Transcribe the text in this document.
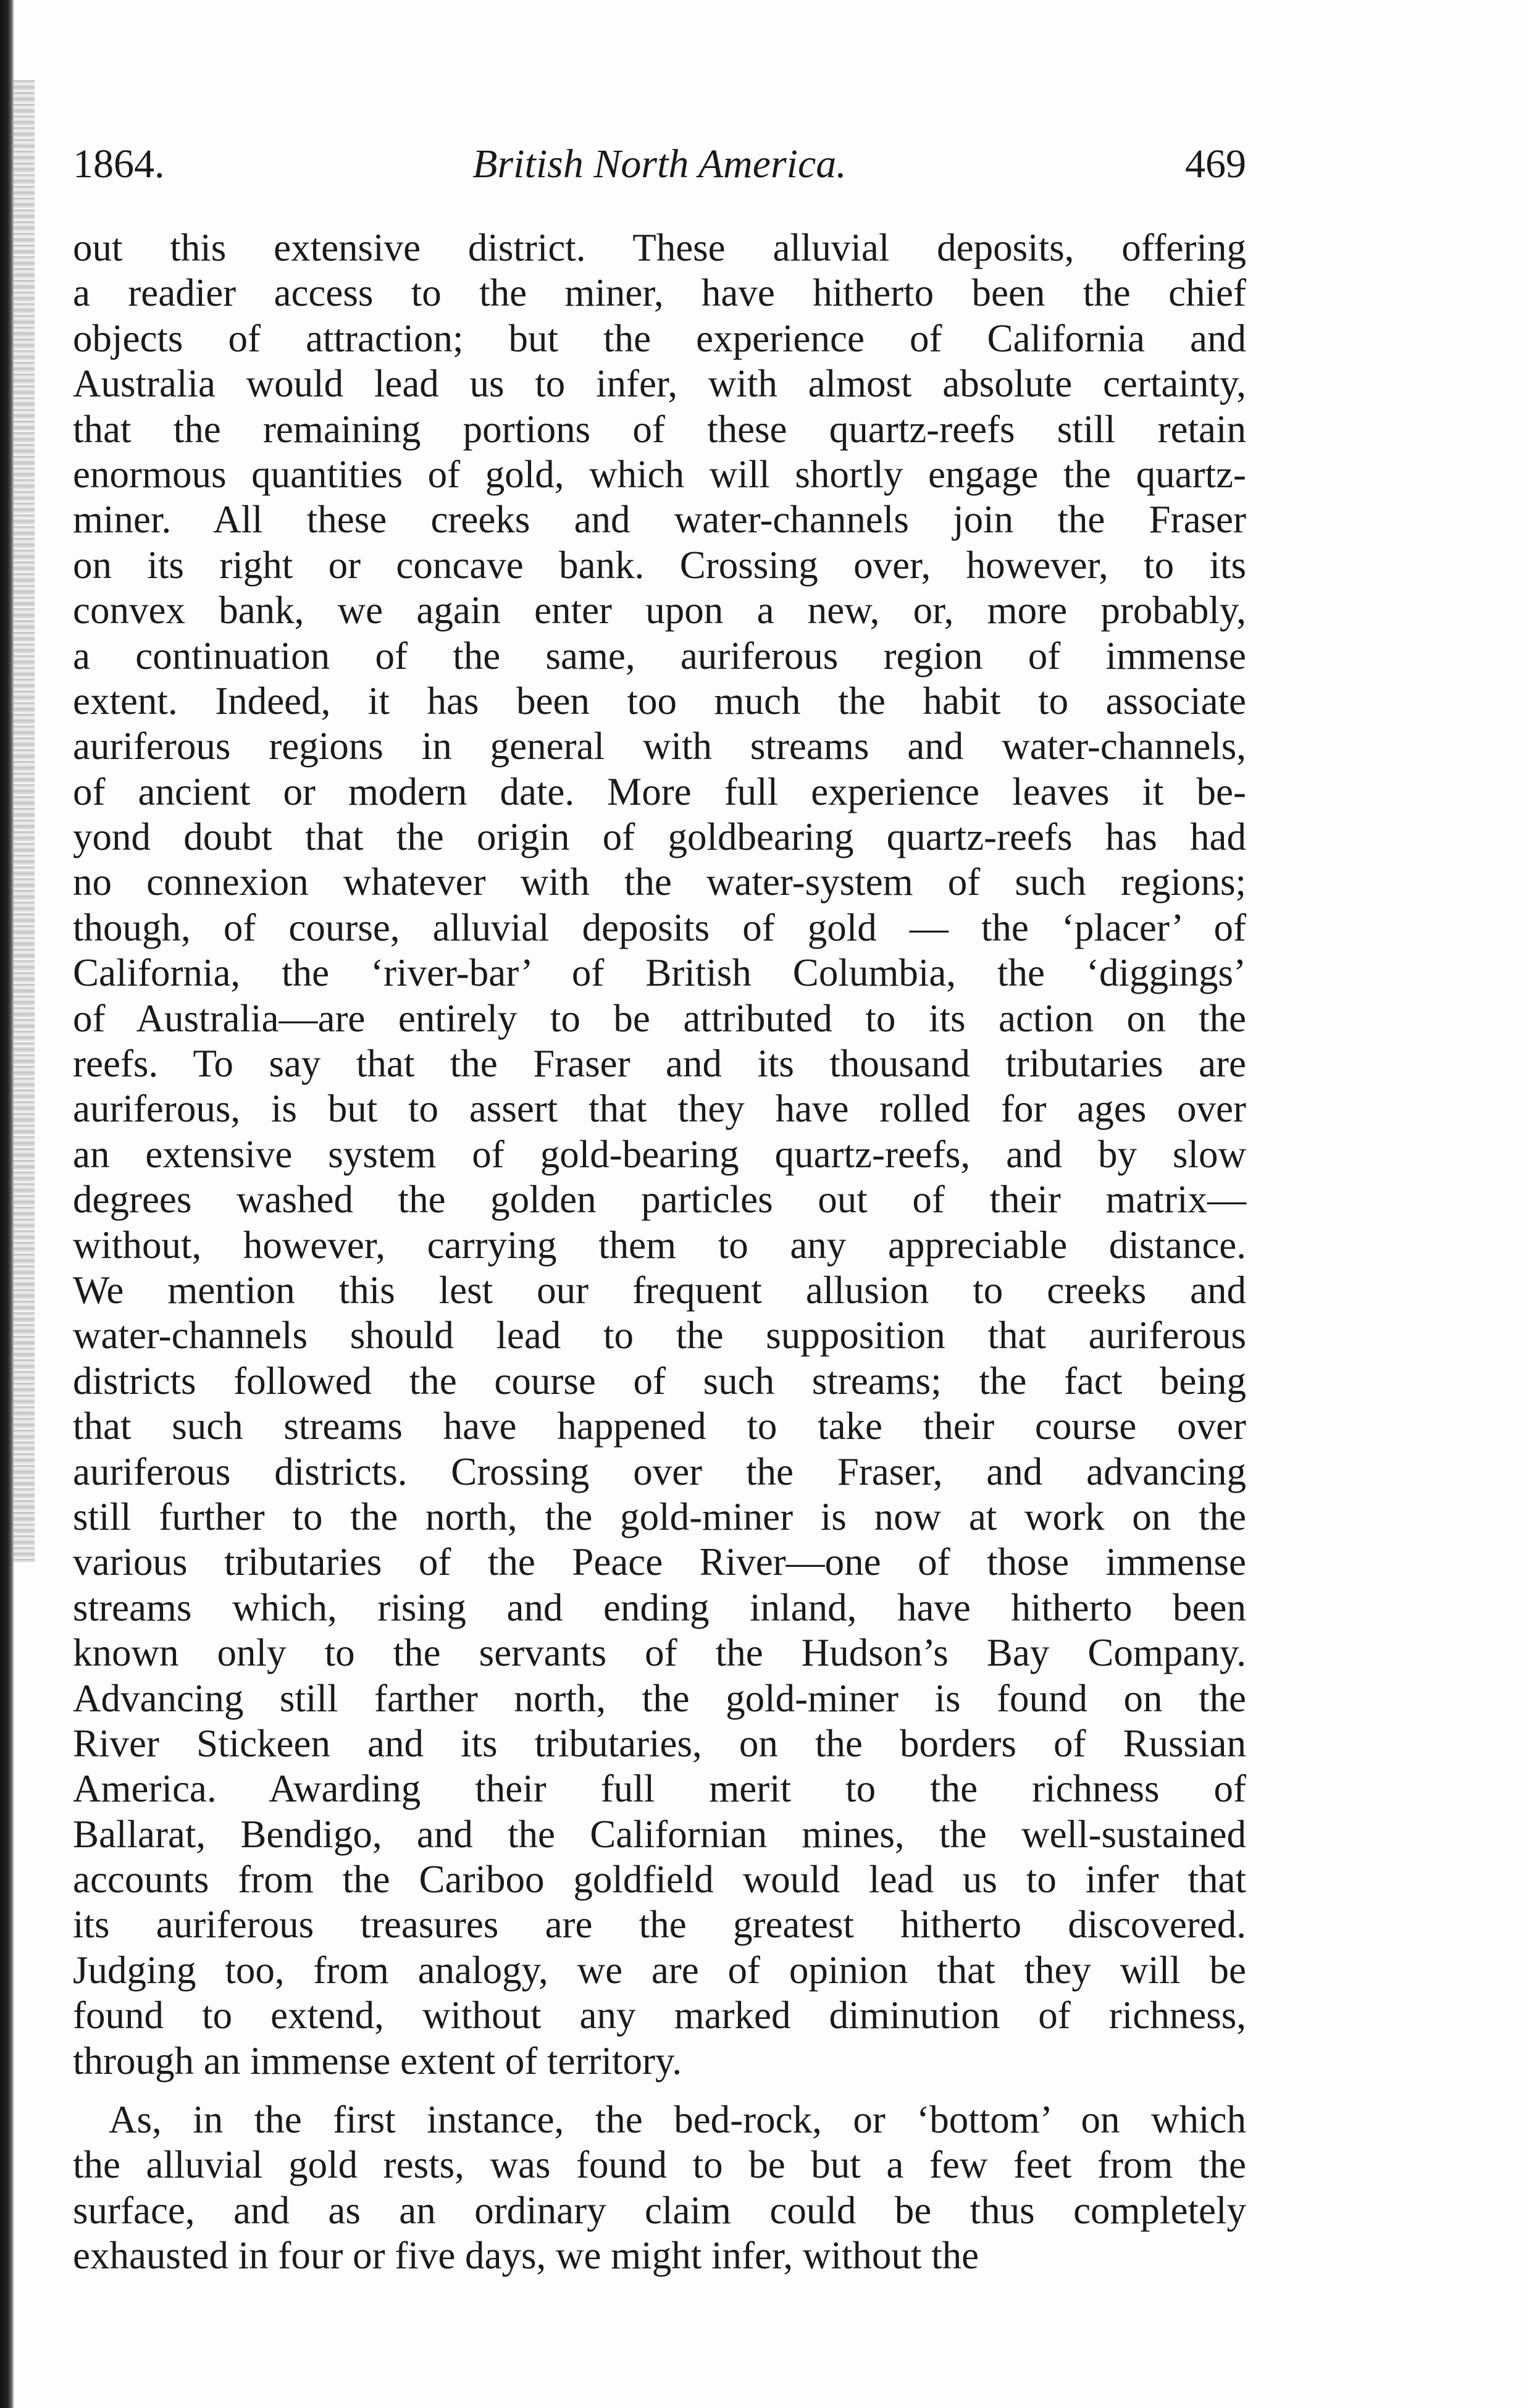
1864.	British North America.	469

out this extensive district. These alluvial deposits, offering
a readier access to the miner, have hitherto been the chief
objects of attraction; but the experience of California and
Australia would lead us to infer, with almost absolute certainty,
that the remaining portions of these quartz-reefs still retain
enormous quantities of gold, which will shortly engage the quartz-
miner. All these creeks and water-channels join the Fraser
on its right or concave bank. Crossing over, however, to its
convex bank, we again enter upon a new, or, more probably,
a continuation of the same, auriferous region of immense
extent. Indeed, it has been too much the habit to associate
auriferous regions in general with streams and water-channels,
of ancient or modern date. More full experience leaves it be-
yond doubt that the origin of goldbearing quartz-reefs has had
no connexion whatever with the water-system of such regions;
though, of course, alluvial deposits of gold — the ‘placer’ of
California, the ‘river-bar’ of British Columbia, the ‘diggings’
of Australia—are entirely to be attributed to its action on the
reefs. To say that the Fraser and its thousand tributaries are
auriferous, is but to assert that they have rolled for ages over
an extensive system of gold-bearing quartz-reefs, and by slow
degrees washed the golden particles out of their matrix—
without, however, carrying them to any appreciable distance.
We mention this lest our frequent allusion to creeks and
water-channels should lead to the supposition that auriferous
districts followed the course of such streams; the fact being
that such streams have happened to take their course over
auriferous districts. Crossing over the Fraser, and advancing
still further to the north, the gold-miner is now at work on the
various tributaries of the Peace River—one of those immense
streams which, rising and ending inland, have hitherto been
known only to the servants of the Hudson’s Bay Company.
Advancing still farther north, the gold-miner is found on the
River Stickeen and its tributaries, on the borders of Russian
America. Awarding their full merit to the richness of
Ballarat, Bendigo, and the Californian mines, the well-sustained
accounts from the Cariboo goldfield would lead us to infer that
its auriferous treasures are the greatest hitherto discovered.
Judging too, from analogy, we are of opinion that they will be
found to extend, without any marked diminution of richness,
through an immense extent of territory.

As, in the first instance, the bed-rock, or ‘bottom’ on which
the alluvial gold rests, was found to be but a few feet from the
surface, and as an ordinary claim could be thus completely
exhausted in four or five days, we might infer, without the
